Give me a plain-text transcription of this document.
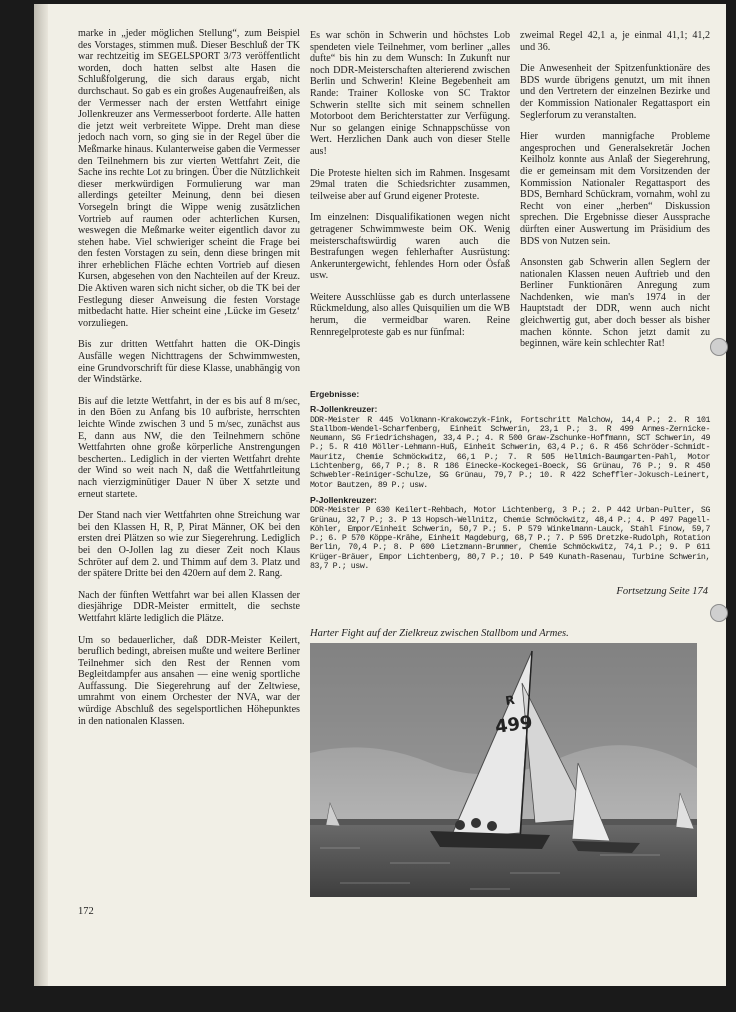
marke in „jeder möglichen Stellung“, zum Beispiel des Vorstages, stimmen muß. Dieser Beschluß der TK war rechtzeitig im SEGELSPORT 3/73 veröffentlicht worden, doch hatten selbst alte Hasen die Schlußfolgerung, die sich daraus ergab, nicht durchschaut. So gab es ein großes Augenaufreißen, als der Vermesser nach der ersten Wettfahrt einige Jollenkreuzer ans Vermesserboot forderte. Alle hatten die jetzt weit verbreitete Wippe. Dreht man diese jedoch nach vorn, so ging sie in der Regel über die Meßmarke hinaus. Kulanterweise gaben die Vermesser den Teilnehmern bis zur vierten Wettfahrt Zeit, die Sache ins rechte Lot zu bringen. Über die Nützlichkeit dieser merkwürdigen Formulierung war man allerdings geteilter Meinung, denn bei diesen Vorsegeln bringt die Wippe wenig zusätzlichen Vortrieb auf raumen oder achterlichen Kursen, weswegen die Meßmarke weiter eigentlich davor zu stehen habe. Viel schwieriger scheint die Frage bei den festen Vorstagen zu sein, denn diese bringen mit ihrer erheblichen Fläche echten Vortrieb auf diesen Kursen, abgesehen von den Nachteilen auf der Kreuz. Die Aktiven waren sich nicht sicher, ob die TK bei der Festlegung dieser Anweisung die festen Vorstage mitbedacht hatte. Hier scheint eine ‚Lücke im Gesetz‘ vorzuliegen.

Bis zur dritten Wettfahrt hatten die OK-Dingis Ausfälle wegen Nichttragens der Schwimmwesten, eine Grundvorschrift für diese Klasse, unabhängig von der Windstärke.

Bis auf die letzte Wettfahrt, in der es bis auf 8 m/sec, in den Böen zu Anfang bis 10 aufbriste, herrschten leichte Winde zwischen 3 und 5 m/sec, zunächst aus E, dann aus NW, die den Teilnehmern schöne Wettfahrten ohne große körperliche Anstrengungen bescherten.. Lediglich in der vierten Wettfahrt drehte der Wind so weit nach N, daß die Wettfahrtleitung nach vierzigminütiger Dauer N über X setzte und erneut startete.

Der Stand nach vier Wettfahrten ohne Streichung war bei den Klassen H, R, P, Pirat Männer, OK bei den ersten drei Plätzen so wie zur Siegerehrung. Lediglich bei den O-Jollen lag zu dieser Zeit noch Klaus Schröter auf dem 2. und Thimm auf dem 3. Platz und der spätere Dritte bei den 420ern auf dem 2. Rang.

Nach der fünften Wettfahrt war bei allen Klassen der diesjährige DDR-Meister ermittelt, die sechste Wettfahrt klärte lediglich die Plätze.

Um so bedauerlicher, daß DDR-Meister Keilert, beruflich bedingt, abreisen mußte und weitere Berliner Teilnehmer sich den Rest der Rennen vom Begleitdampfer aus ansahen — eine wenig sportliche Auffassung. Die Siegerehrung auf der Zeltwiese, umrahmt von einem Orchester der NVA, war der würdige Abschluß des segelsportlichen Höhepunktes in den nationalen Klassen.

Es war schön in Schwerin und höchstes Lob spendeten viele Teilnehmer, vom berliner „alles dufte“ bis hin zu dem Wunsch: In Zukunft nur noch DDR-Meisterschaften alterierend zwischen Berlin und Schwerin! Kleine Begebenheit am Rande: Trainer Kolloske von SC Traktor Schwerin stellte sich mit seinem schnellen Motorboot dem Berichterstatter zur Verfügung. Nur so gelangen einige Schnappschüsse von Wert. Herzlichen Dank auch von dieser Stelle aus!

Die Proteste hielten sich im Rahmen. Insgesamt 29mal traten die Schiedsrichter zusammen, teilweise aber auf Grund eigener Proteste.

Im einzelnen: Disqualifikationen wegen nicht getragener Schwimmweste beim OK. Wenig meisterschaftswürdig waren auch die Bestrafungen wegen fehlerhafter Ausrüstung: Ankeruntergewicht, fehlendes Horn oder Ösfaß usw.

Weitere Ausschlüsse gab es durch unterlassene Rückmeldung, also alles Quisquilien um die WB herum, die vermeidbar waren. Reine Rennregelproteste gab es nur fünfmal:

zweimal Regel 42,1 a, je einmal 41,1; 41,2 und 36.

Die Anwesenheit der Spitzenfunktionäre des BDS wurde übrigens genutzt, um mit ihnen und den Vertretern der einzelnen Bezirke und der Kommission Nationaler Regattasport ein Seglerforum zu veranstalten.

Hier wurden mannigfache Probleme angesprochen und Generalsekretär Jochen Keilholz konnte aus Anlaß der Siegerehrung, die er gemeinsam mit dem Vorsitzenden der Kommission Nationaler Regattasport des BDS, Bernhard Schückram, vornahm, wohl zu Recht von einer „herben“ Diskussion sprechen. Die Ergebnisse dieser Aussprache dürften einer Auswertung im Präsidium des BDS von Nutzen sein.

Ansonsten gab Schwerin allen Seglern der nationalen Klassen neuen Auftrieb und den Berliner Funktionären Anregung zum Nachdenken, wie man's 1974 in der Hauptstadt der DDR, wenn auch nicht gleichwertig gut, aber doch besser als bisher machen könnte. Schon jetzt damit zu beginnen, wäre kein schlechter Rat!

Ergebnisse:
R-Jollenkreuzer:

DDR-Meister R 445 Volkmann-Krakowczyk-Fink, Fortschritt Malchow, 14,4 P.; 2. R 101 Stallbom-Wendel-Scharfenberg, Einheit Schwerin, 23,1 P.; 3. R 499 Armes-Zernicke-Neumann, SG Friedrichshagen, 33,4 P.; 4. R 500 Graw-Zschunke-Hoffmann, SCT Schwerin, 49 P.; 5. R 410 Möller-Lehmann-Huß, Einheit Schwerin, 63,4 P.; 6. R 456 Schröder-Schmidt-Mauritz, Chemie Schmöckwitz, 66,1 P.; 7. R 505 Hellmich-Baumgarten-Pahl, Motor Lichtenberg, 66,7 P.; 8. R 186 Einecke-Kockegei-Boeck, SG Grünau, 76 P.; 9. R 450 Schwebler-Reiniger-Schulze, SG Grünau, 79,7 P.; 10. R 422 Scheffler-Jokusch-Leinert, Motor Bautzen, 89 P.; usw.

P-Jollenkreuzer:

DDR-Meister P 630 Keilert-Rehbach, Motor Lichtenberg, 3 P.; 2. P 442 Urban-Pulter, SG Grünau, 32,7 P.; 3. P 13 Hopsch-Wellnitz, Chemie Schmöckwitz, 48,4 P.; 4. P 497 Pagell-Köhler, Empor/Einheit Schwerin, 50,7 P.; 5. P 579 Winkelmann-Lauck, Stahl Finow, 59,7 P.; 6. P 570 Köppe-Krähe, Einheit Magdeburg, 68,7 P.; 7. P 595 Dretzke-Rudolph, Rotation Berlin, 70,4 P.; 8. P 600 Lietzmann-Brummer, Chemie Schmöckwitz, 74,1 P.; 9. P 611 Krüger-Bräuer, Empor Lichtenberg, 80,7 P.; 10. P 549 Kunath-Rasenau, Turbine Schwerin, 83,7 P.; usw.

Fortsetzung Seite 174
Harter Fight auf der Zielkreuz zwischen Stallbom und Armes.
499
R
172
